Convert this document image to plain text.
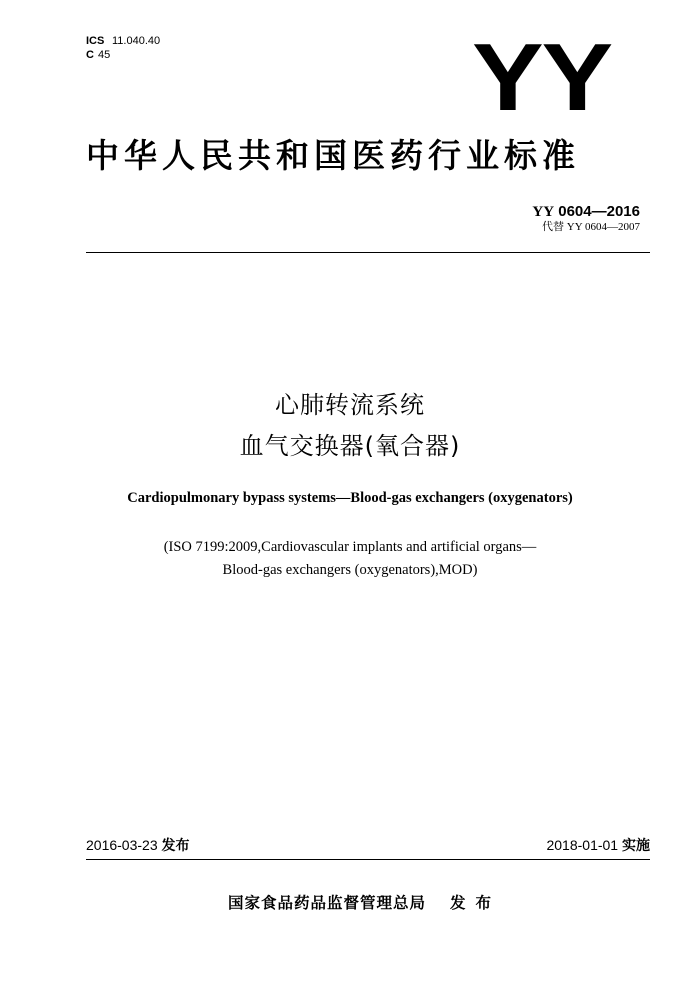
ICS 11.040.40
C 45	YY
中华人民共和国医药行业标准
YY 0604—2016
代替 YY 0604—2007
心肺转流系统
血气交换器(氧合器)
Cardiopulmonary bypass systems—Blood-gas exchangers (oxygenators)
(ISO 7199:2009,Cardiovascular implants and artificial organs—
Blood-gas exchangers (oxygenators),MOD)
2016-03-23 发布	2018-01-01 实施
国家食品药品监督管理总局 发布
